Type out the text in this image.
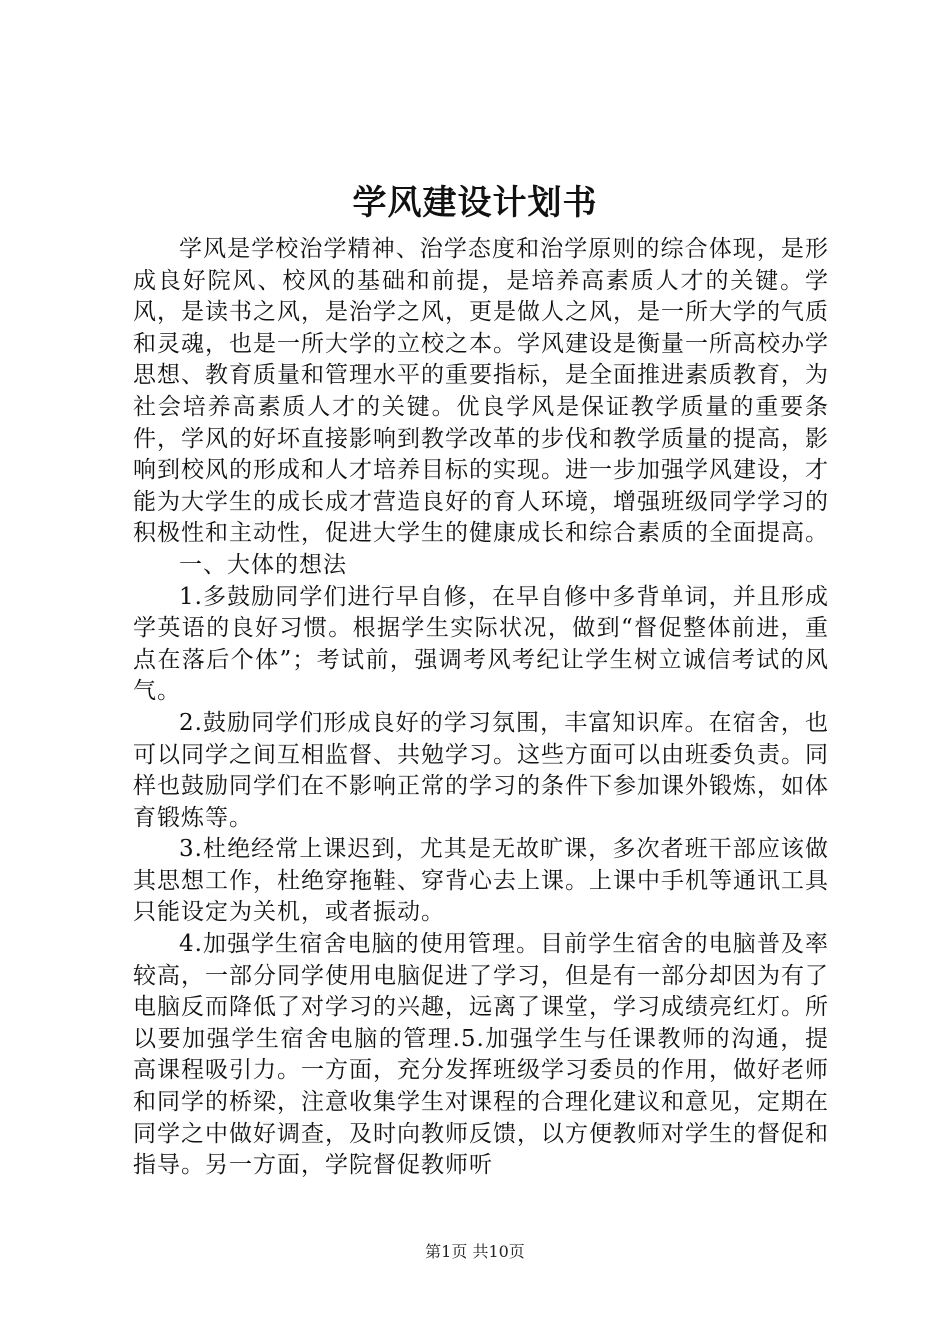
学风建设计划书

学风是学校治学精神、治学态度和治学原则的综合体现，是形成良好院风、校风的基础和前提，是培养高素质人才的关键。学风，是读书之风，是治学之风，更是做人之风，是一所大学的气质和灵魂，也是一所大学的立校之本。学风建设是衡量一所高校办学思想、教育质量和管理水平的重要指标，是全面推进素质教育，为社会培养高素质人才的关键。优良学风是保证教学质量的重要条件，学风的好坏直接影响到教学改革的步伐和教学质量的提高，影响到校风的形成和人才培养目标的实现。进一步加强学风建设，才能为大学生的成长成才营造良好的育人环境，增强班级同学学习的积极性和主动性，促进大学生的健康成长和综合素质的全面提高。

一、大体的想法

1.多鼓励同学们进行早自修，在早自修中多背单词，并且形成学英语的良好习惯。根据学生实际状况，做到“督促整体前进，重点在落后个体”；考试前，强调考风考纪让学生树立诚信考试的风气。

2.鼓励同学们形成良好的学习氛围，丰富知识库。在宿舍，也可以同学之间互相监督、共勉学习。这些方面可以由班委负责。同样也鼓励同学们在不影响正常的学习的条件下参加课外锻炼，如体育锻炼等。

3.杜绝经常上课迟到，尤其是无故旷课，多次者班干部应该做其思想工作，杜绝穿拖鞋、穿背心去上课。上课中手机等通讯工具只能设定为关机，或者振动。

4.加强学生宿舍电脑的使用管理。目前学生宿舍的电脑普及率较高，一部分同学使用电脑促进了学习，但是有一部分却因为有了电脑反而降低了对学习的兴趣，远离了课堂，学习成绩亮红灯。所以要加强学生宿舍电脑的管理.5.加强学生与任课教师的沟通，提高课程吸引力。一方面，充分发挥班级学习委员的作用，做好老师和同学的桥梁，注意收集学生对课程的合理化建议和意见，定期在同学之中做好调查，及时向教师反馈，以方便教师对学生的督促和指导。另一方面，学院督促教师听

第1页 共10页
